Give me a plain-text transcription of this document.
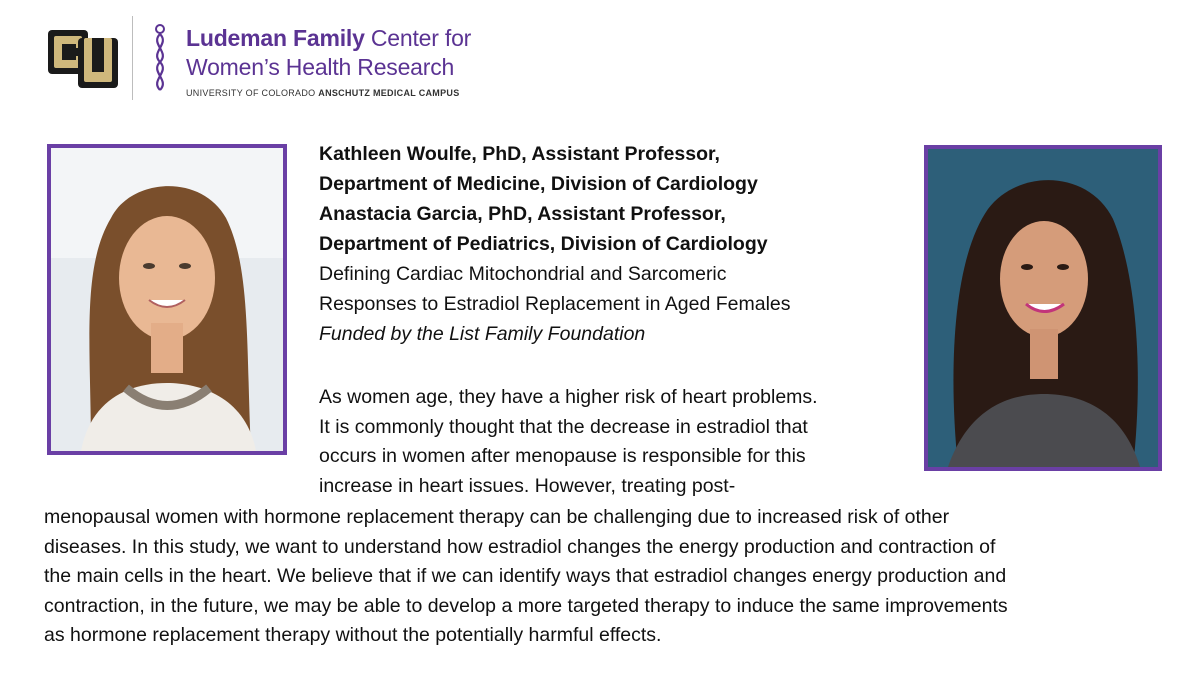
Ludeman Family Center for
Women’s Health Research
UNIVERSITY OF COLORADO ANSCHUTZ MEDICAL CAMPUS
Kathleen Woulfe, PhD, Assistant Professor,
Department of Medicine, Division of Cardiology
Anastacia Garcia, PhD, Assistant Professor,
Department of Pediatrics, Division of Cardiology
Defining Cardiac Mitochondrial and Sarcomeric
Responses to Estradiol Replacement in Aged Females
Funded by the List Family Foundation
As women age, they have a higher risk of heart problems.
It is commonly thought that the decrease in estradiol that
occurs in women after menopause is responsible for this
increase in heart issues. However, treating post-
menopausal women with hormone replacement therapy can be challenging due to increased risk of other
diseases. In this study, we want to understand how estradiol changes the energy production and contraction of
the main cells in the heart. We believe that if we can identify ways that estradiol changes energy production and
contraction, in the future, we may be able to develop a more targeted therapy to induce the same improvements
as hormone replacement therapy without the potentially harmful effects.
